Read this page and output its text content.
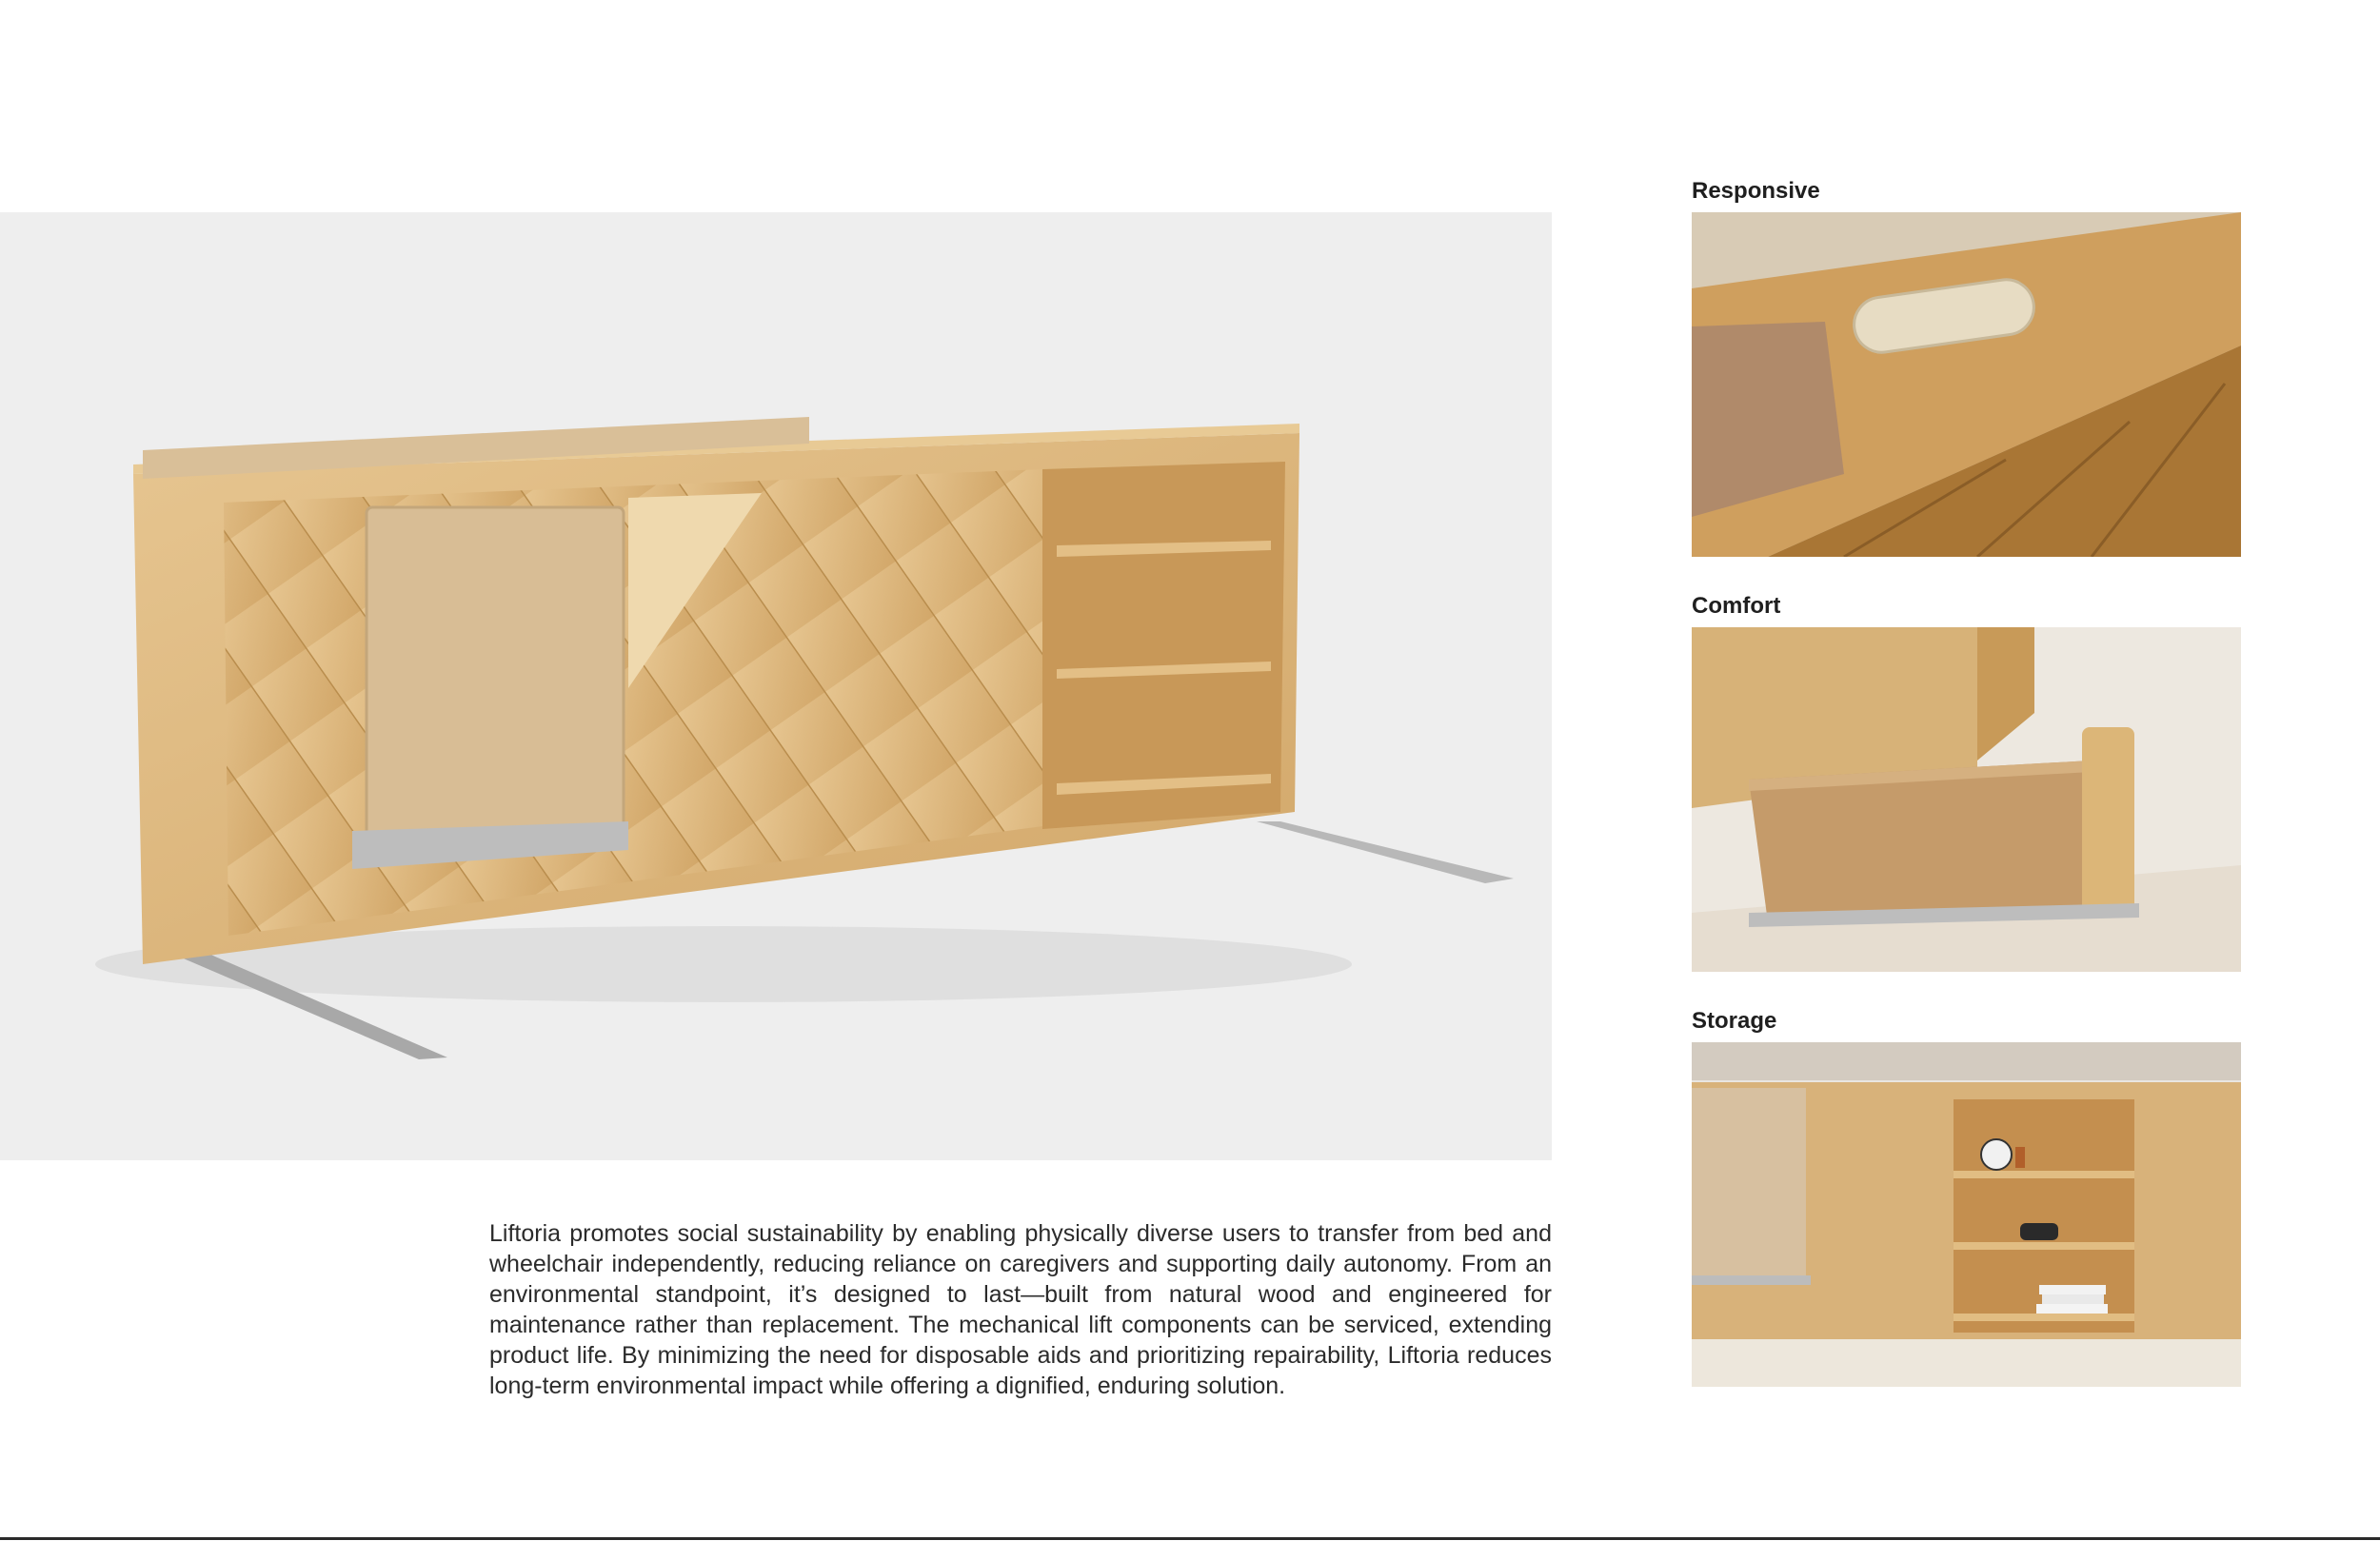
Responsive
Comfort
Storage

Liftoria promotes social sustainability by enabling physically diverse users to transfer from bed and wheelchair independently, reducing reliance on caregivers and supporting daily autonomy. From an environmental standpoint, it’s designed to last—built from natural wood and engineered for maintenance rather than replacement. The mechanical lift components can be serviced, extending product life. By minimizing the need for disposable aids and prioritizing repairability, Liftoria reduces long-term environmental impact while offering a dignified, enduring solution.
